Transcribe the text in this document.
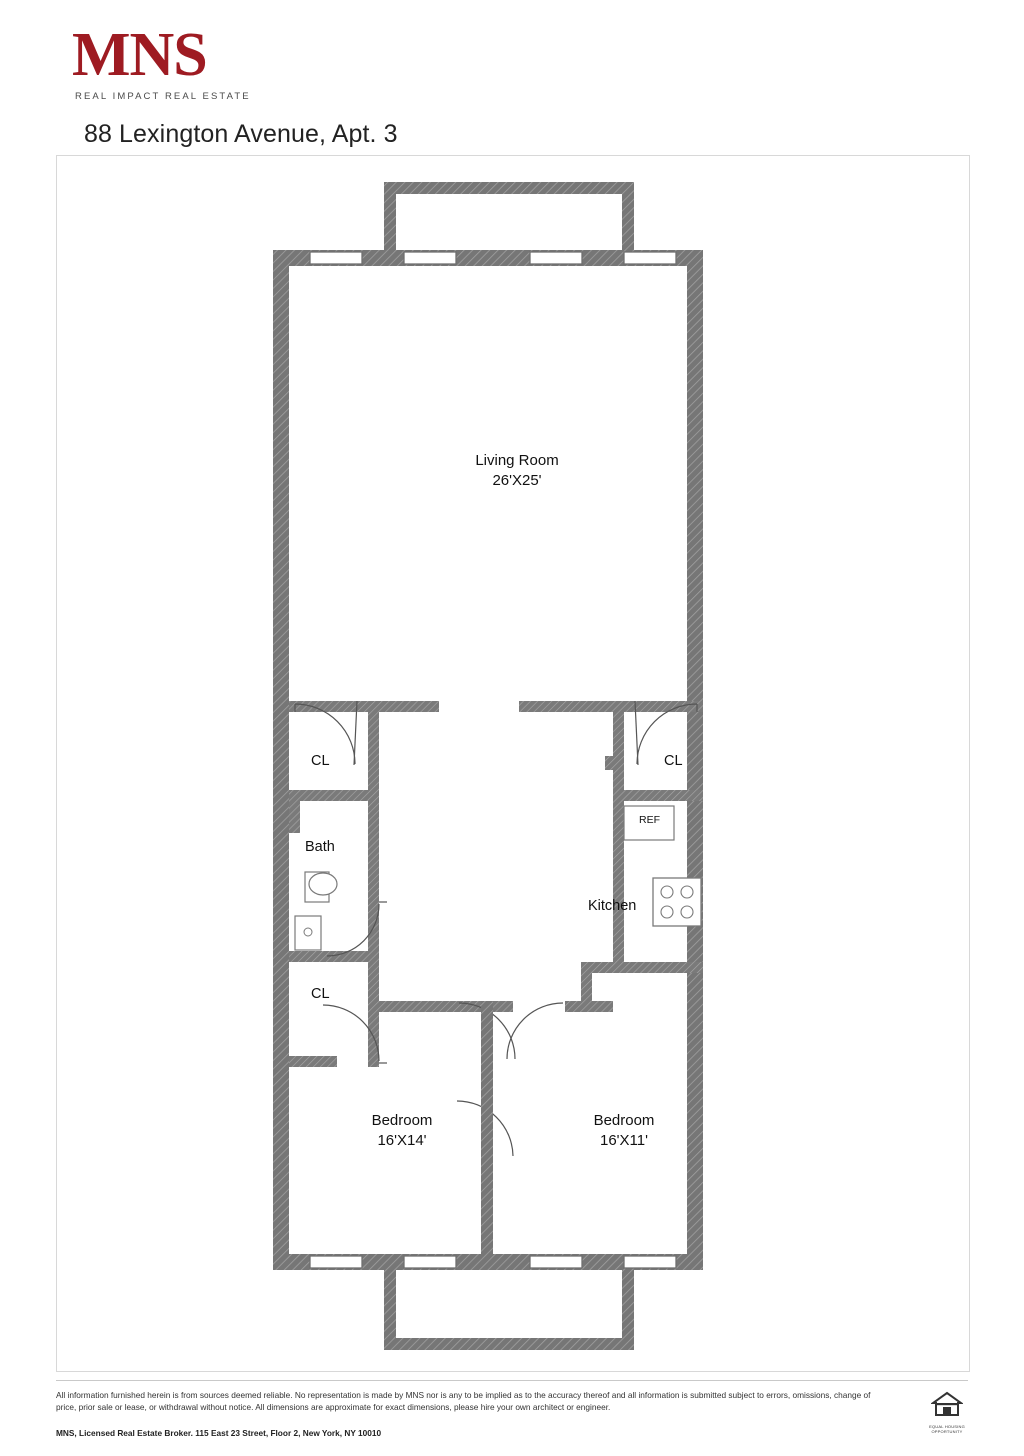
MNS
REAL IMPACT REAL ESTATE
88 Lexington Avenue, Apt. 3
Living Room
26'X25'
Bedroom
16'X14'
Bedroom
16'X11'
CL	CL
CL
Bath
Kitchen
REF
All information furnished herein is from sources deemed reliable. No representation is made by MNS nor is any to be implied as to the accuracy thereof and all information is submitted subject to errors, omissions, change of price, prior sale or lease, or withdrawal without notice. All dimensions are approximate for exact dimensions, please hire your own architect or engineer.
MNS, Licensed Real Estate Broker. 115 East 23 Street, Floor 2, New York, NY 10010
EQUAL HOUSING
OPPORTUNITY
